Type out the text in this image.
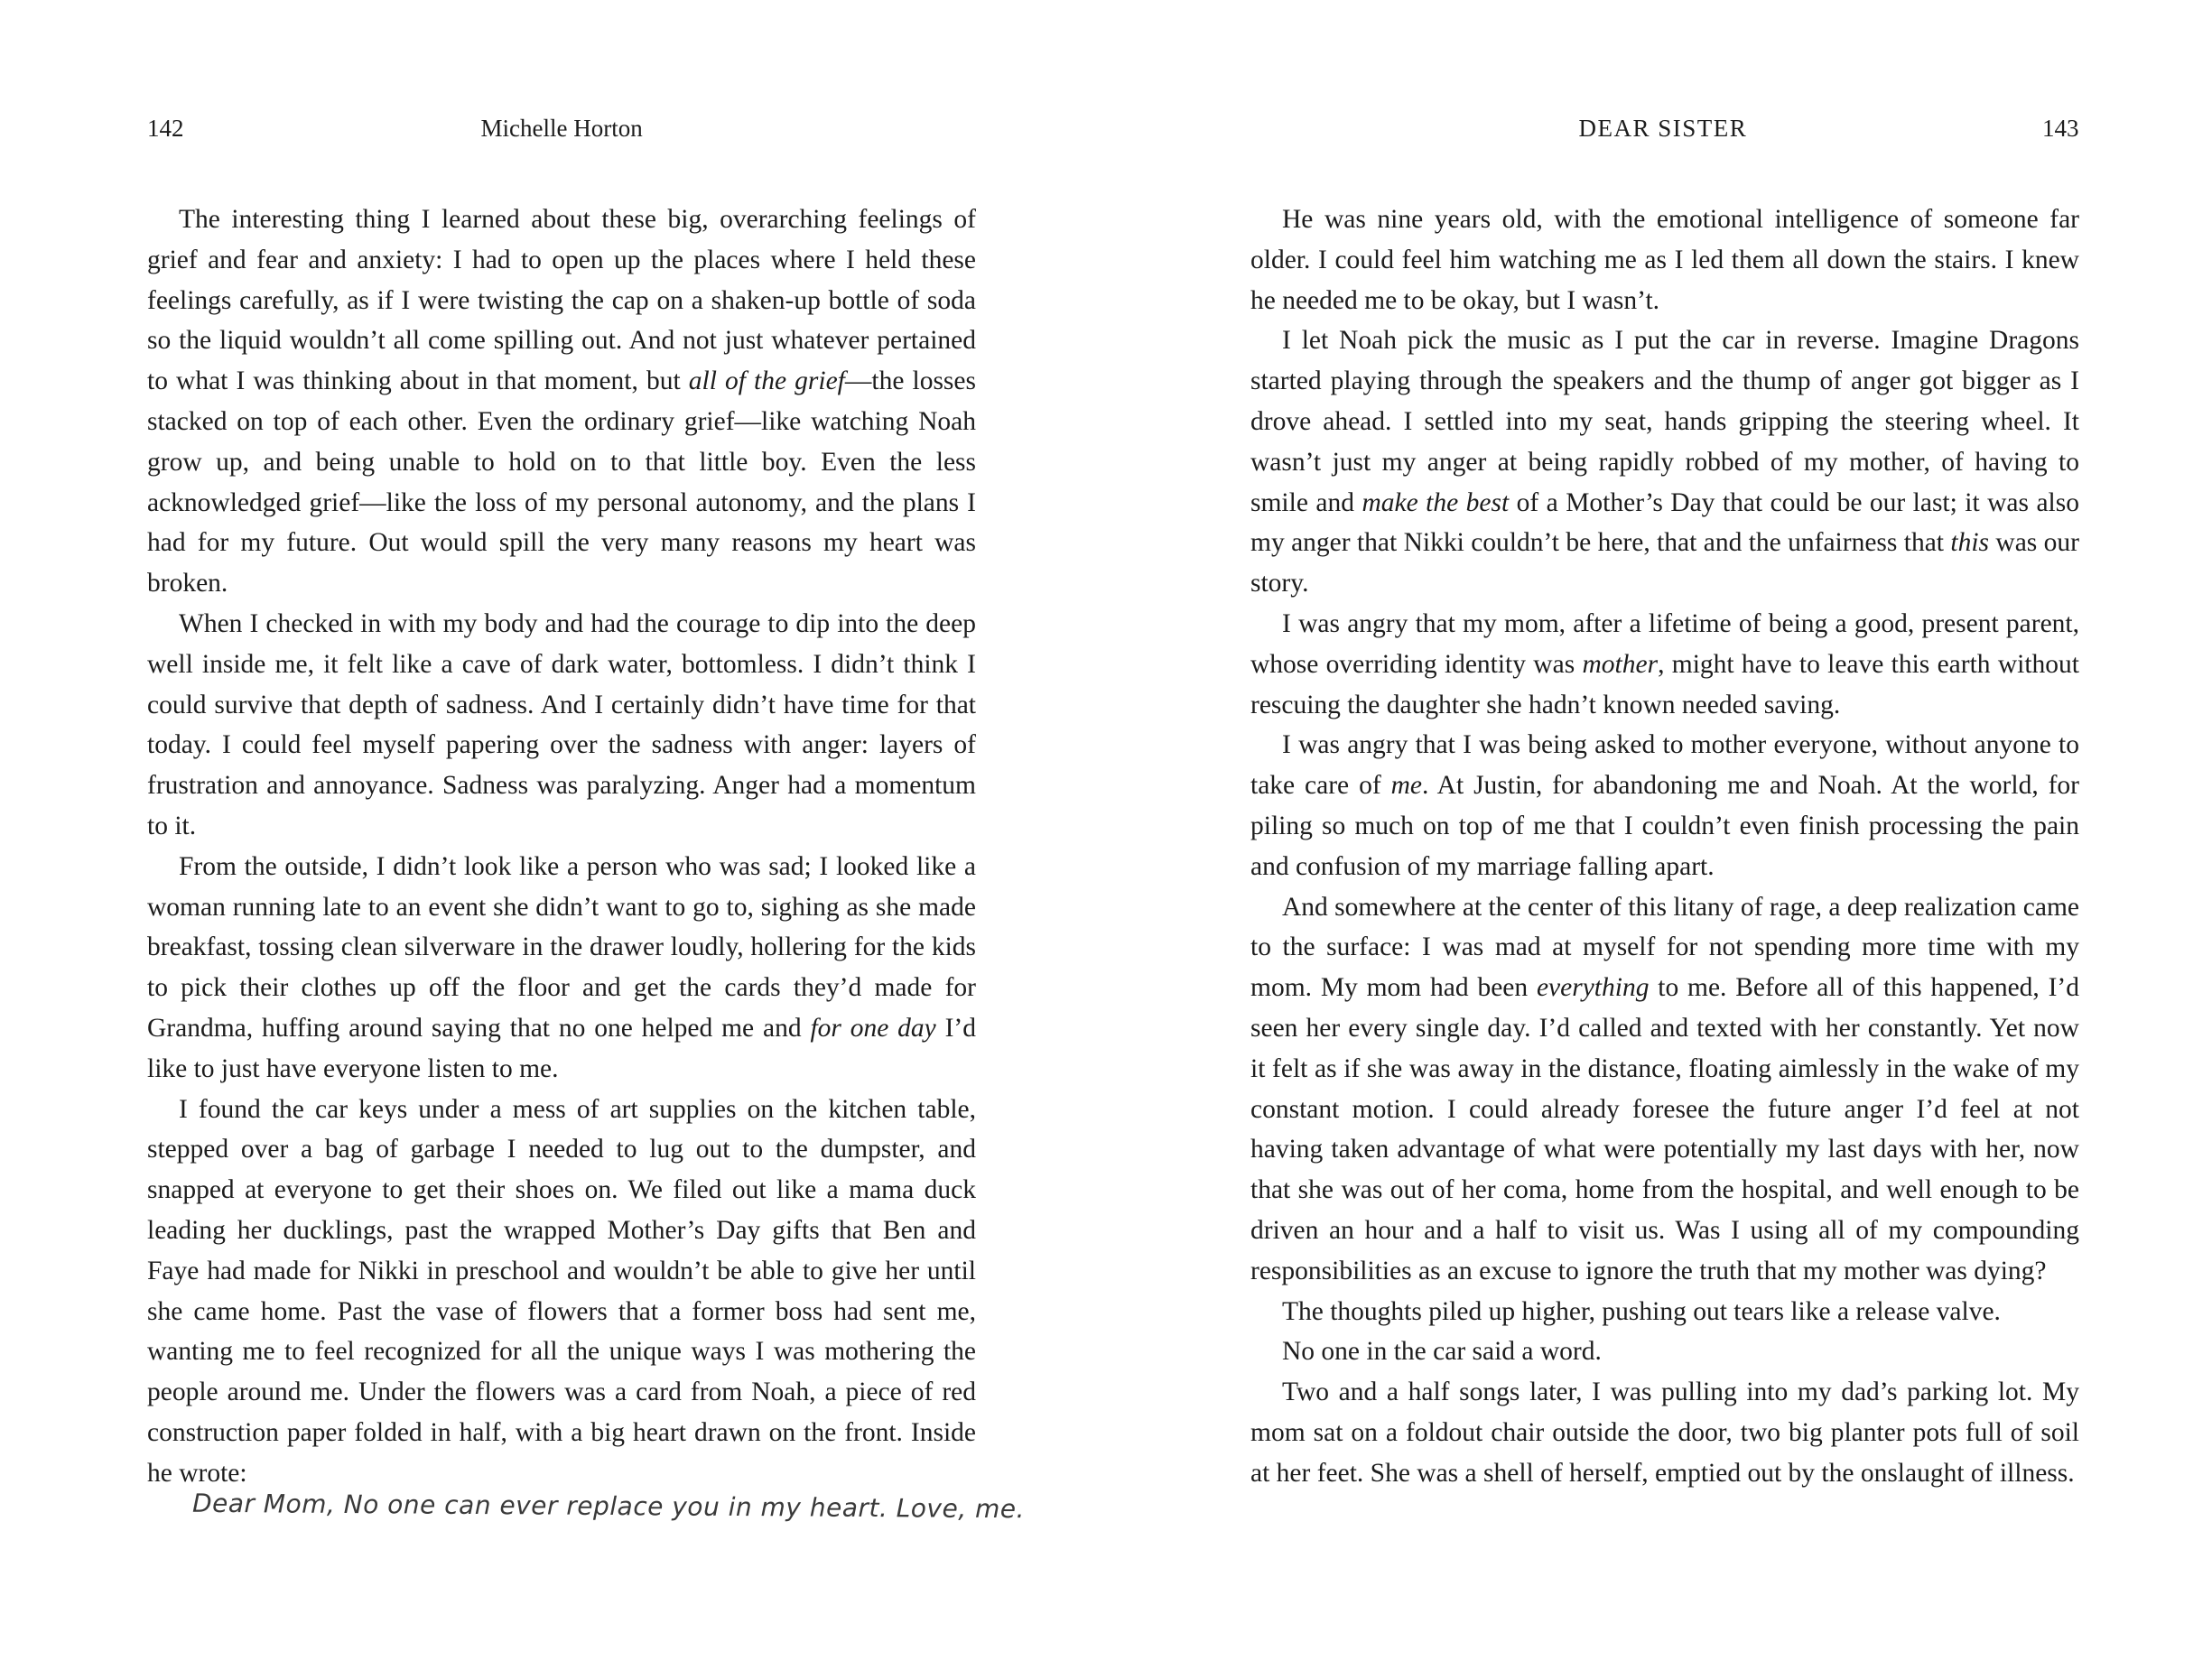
142	Michelle Horton

The interesting thing I learned about these big, overarching feelings of grief and fear and anxiety: I had to open up the places where I held these feelings carefully, as if I were twisting the cap on a shaken-up bottle of soda so the liquid wouldn’t all come spilling out. And not just whatever pertained to what I was thinking about in that moment, but all of the grief—the losses stacked on top of each other. Even the ordinary grief—like watching Noah grow up, and being unable to hold on to that little boy. Even the less acknowledged grief—like the loss of my personal autonomy, and the plans I had for my future. Out would spill the very many reasons my heart was broken.

When I checked in with my body and had the courage to dip into the deep well inside me, it felt like a cave of dark water, bottomless. I didn’t think I could survive that depth of sadness. And I certainly didn’t have time for that today. I could feel myself papering over the sadness with anger: layers of frustration and annoyance. Sadness was paralyzing. Anger had a momentum to it.

From the outside, I didn’t look like a person who was sad; I looked like a woman running late to an event she didn’t want to go to, sighing as she made breakfast, tossing clean silverware in the drawer loudly, hollering for the kids to pick their clothes up off the floor and get the cards they’d made for Grandma, huffing around saying that no one helped me and for one day I’d like to just have everyone listen to me.

I found the car keys under a mess of art supplies on the kitchen table, stepped over a bag of garbage I needed to lug out to the dumpster, and snapped at everyone to get their shoes on. We filed out like a mama duck leading her ducklings, past the wrapped Mother’s Day gifts that Ben and Faye had made for Nikki in preschool and wouldn’t be able to give her until she came home. Past the vase of flowers that a former boss had sent me, wanting me to feel recognized for all the unique ways I was mothering the people around me. Under the flowers was a card from Noah, a piece of red construction paper folded in half, with a big heart drawn on the front. Inside he wrote:

Dear Mom, No one can ever replace you in my heart. Love, me.
DEAR SISTER	143

He was nine years old, with the emotional intelligence of someone far older. I could feel him watching me as I led them all down the stairs. I knew he needed me to be okay, but I wasn’t.

I let Noah pick the music as I put the car in reverse. Imagine Dragons started playing through the speakers and the thump of anger got bigger as I drove ahead. I settled into my seat, hands gripping the steering wheel. It wasn’t just my anger at being rapidly robbed of my mother, of having to smile and make the best of a Mother’s Day that could be our last; it was also my anger that Nikki couldn’t be here, that and the unfairness that this was our story.

I was angry that my mom, after a lifetime of being a good, present parent, whose overriding identity was mother, might have to leave this earth without rescuing the daughter she hadn’t known needed saving.

I was angry that I was being asked to mother everyone, without anyone to take care of me. At Justin, for abandoning me and Noah. At the world, for piling so much on top of me that I couldn’t even finish processing the pain and confusion of my marriage falling apart.

And somewhere at the center of this litany of rage, a deep realization came to the surface: I was mad at myself for not spending more time with my mom. My mom had been everything to me. Before all of this happened, I’d seen her every single day. I’d called and texted with her constantly. Yet now it felt as if she was away in the distance, floating aimlessly in the wake of my constant motion. I could already foresee the future anger I’d feel at not having taken advantage of what were potentially my last days with her, now that she was out of her coma, home from the hospital, and well enough to be driven an hour and a half to visit us. Was I using all of my compounding responsibilities as an excuse to ignore the truth that my mother was dying?

The thoughts piled up higher, pushing out tears like a release valve.

No one in the car said a word.

Two and a half songs later, I was pulling into my dad’s parking lot. My mom sat on a foldout chair outside the door, two big planter pots full of soil at her feet. She was a shell of herself, emptied out by the onslaught of illness.
